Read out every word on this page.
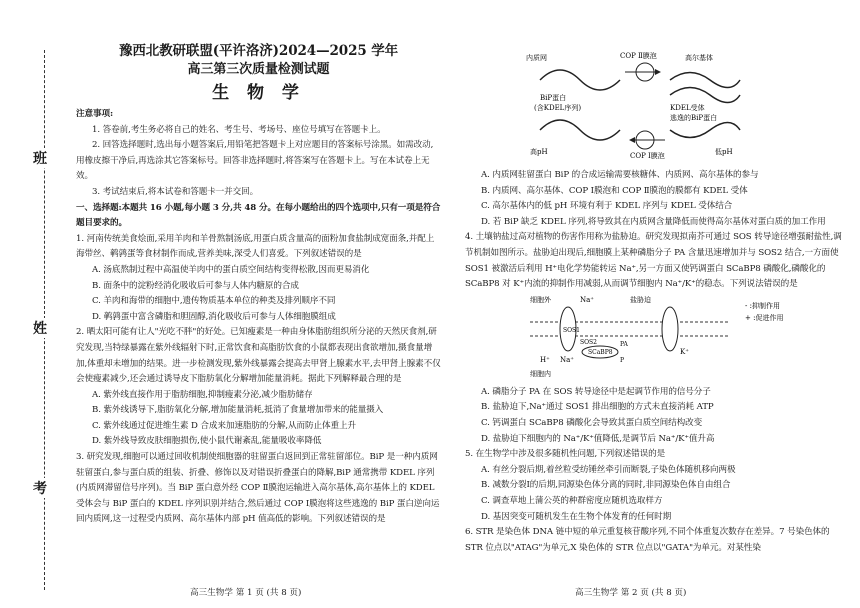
班
姓
考

豫西北教研联盟(平许洛济)2024—2025 学年

高三第三次质量检测试题

生 物 学

注意事项:

1. 答卷前,考生务必将自己的姓名、考生号、考场号、座位号填写在答题卡上。

2. 回答选择题时,选出每小题答案后,用铅笔把答题卡上对应题目的答案标号涂黑。如需改动,用橡皮擦干净后,再选涂其它答案标号。回答非选择题时,将答案写在答题卡上。写在本试卷上无效。

3. 考试结束后,将本试卷和答题卡一并交回。

一、选择题:本题共 16 小题,每小题 3 分,共 48 分。在每小题给出的四个选项中,只有一项是符合题目要求的。

1. 河南传统美食烩面,采用羊肉和羊骨熬制汤底,用蛋白质含量高的面粉加食盐制成宽面条,并配上海带丝、鹌鹑蛋等食材制作而成,营养美味,深受人们喜爱。下列叙述错误的是

A. 汤底熬制过程中高温使羊肉中的蛋白质空间结构变得松散,因而更易消化

B. 面条中的淀粉经消化吸收后可参与人体内糖原的合成

C. 羊肉和海带的细胞中,遗传物质基本单位的种类及排列顺序不同

D. 鹌鹑蛋中富含磷脂和胆固醇,消化吸收后可参与人体细胞膜组成

2. 晒太阳可能有让人"光吃不胖"的好处。已知瘦素是一种由身体脂肪组织所分泌的天然厌食剂,研究发现,当特绿暴露在紫外线辐射下时,正常饮食和高脂肪饮食的小鼠都表现出食欲增加,摄食量增加,体重却未增加的结果。进一步检测发现,紫外线暴露会提高去甲肾上腺素水平,去甲肾上腺素不仅会使瘦素减少,还会通过诱导皮下脂肪氧化分解增加能量消耗。据此下列解释最合理的是

A. 紫外线直接作用于脂肪细胞,抑制瘦素分泌,减少脂肪储存

B. 紫外线诱导下,脂肪氧化分解,增加能量消耗,抵消了食量增加带来的能量摄入

C. 紫外线通过促进维生素 D 合成来加速脂肪的分解,从而防止体重上升

D. 紫外线导致皮肤细胞损伤,使小鼠代谢紊乱,能量吸收率降低

3. 研究发现,细胞可以通过回收机制使细胞器的驻留蛋白返回到正常驻留部位。BiP 是一种内质网驻留蛋白,参与蛋白质的组装、折叠、修饰以及对错误折叠蛋白的降解,BiP 通常携带 KDEL 序列(内质网滞留信号序列)。当 BiP 蛋白意外经 COP Ⅱ膜泡运输进入高尔基体,高尔基体上的 KDEL 受体会与 BiP 蛋白的 KDEL 序列识别并结合,然后通过 COP Ⅰ膜泡将这些逃逸的 BiP 蛋白逆向运回内质网,这一过程受内质网、高尔基体内部 pH 值高低的影响。下列叙述错误的是

内质网	COP Ⅱ膜泡	高尔基体
BiP蛋白
(含KDEL序列)	KDEL受体
逃逸的BiP蛋白
高pH	低pH
COP Ⅰ膜泡

A. 内质网驻留蛋白 BiP 的合成运输需要核糖体、内质网、高尔基体的参与

B. 内质网、高尔基体、COP Ⅰ膜泡和 COP Ⅱ膜泡的膜都有 KDEL 受体

C. 高尔基体内的低 pH 环境有利于 KDEL 序列与 KDEL 受体结合

D. 若 BiP 缺乏 KDEL 序列,将导致其在内质网含量降低而使得高尔基体对蛋白质的加工作用

4. 土壤钠盐过高对植物的伤害作用称为盐胁迫。研究发现拟南芥可通过 SOS 转导途径增强耐盐性,调节机制如图所示。盐胁迫出现后,细胞膜上某种磷脂分子 PA 含量迅速增加并与 SOS2 结合,一方面使 SOS1 被激活后利用 H⁺电化学势能转运 Na⁺,另一方面又使钙调蛋白 SCaBP8 磷酸化,磷酸化的 SCaBP8 对 K⁺内流的抑制作用减弱,从而调节细胞内 Na⁺/K⁺的稳态。下列说法错误的是

A. 磷脂分子 PA 在 SOS 转导途径中是起调节作用的信号分子

B. 盐胁迫下,Na⁺通过 SOS1 排出细胞的方式未直接消耗 ATP

C. 钙调蛋白 SCaBP8 磷酸化会导致其蛋白质空间结构改变

D. 盐胁迫下细胞内的 Na⁺/K⁺值降低,是调节后 Na⁺/K⁺值升高

5. 在生物学中涉及很多随机性问题,下列叙述错误的是

A. 有丝分裂后期,着丝粒受纺锤丝牵引而断裂,子染色体随机移向两极

B. 减数分裂Ⅰ的后期,同源染色体分离的同时,非同源染色体自由组合

C. 调查草地上蒲公英的种群密度应随机选取样方

D. 基因突变可随机发生在生物个体发育的任何时期

6. STR 是染色体 DNA 链中短的单元重复核苷酸序列,不同个体重复次数存在差异。7 号染色体的 STR 位点以"ATAG"为单元,X 染色体的 STR 位点以"GATA"为单元。对某性染

细胞外	Na⁺	盐胁迫
SOS1
SOS2
SCaBP8
PA
P
K⁺
H⁺ Na⁺
细胞内
- :抑制作用
+ :促进作用
高三生物学 第 1 页 (共 8 页)	高三生物学 第 2 页 (共 8 页)
